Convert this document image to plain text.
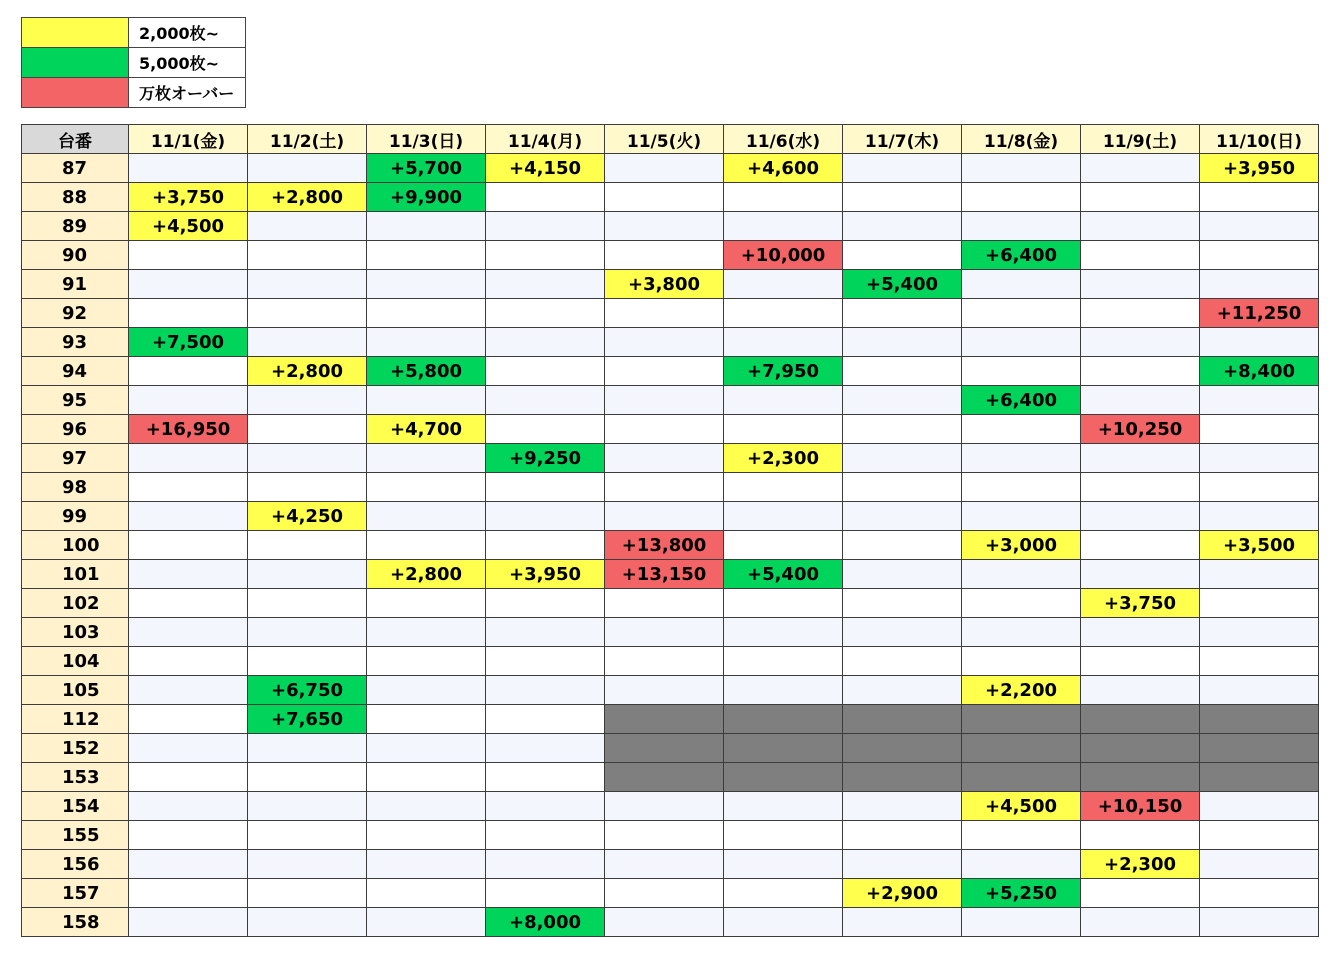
	2,000枚~
	5,000枚~
	万枚オーバー
台番	11/1(金)	11/2(土)	11/3(日)	11/4(月)	11/5(火)	11/6(水)	11/7(木)	11/8(金)	11/9(土)	11/10(日)
87			+5,700	+4,150		+4,600				+3,950
88	+3,750	+2,800	+9,900							
89	+4,500									
90						+10,000		+6,400		
91					+3,800		+5,400			
92										+11,250
93	+7,500									
94		+2,800	+5,800			+7,950				+8,400
95								+6,400		
96	+16,950		+4,700						+10,250	
97				+9,250		+2,300				
98										
99		+4,250								
100					+13,800			+3,000		+3,500
101			+2,800	+3,950	+13,150	+5,400				
102									+3,750	
103										
104										
105		+6,750						+2,200		
112		+7,650								
152										
153										
154								+4,500	+10,150	
155										
156									+2,300	
157							+2,900	+5,250		
158				+8,000						
